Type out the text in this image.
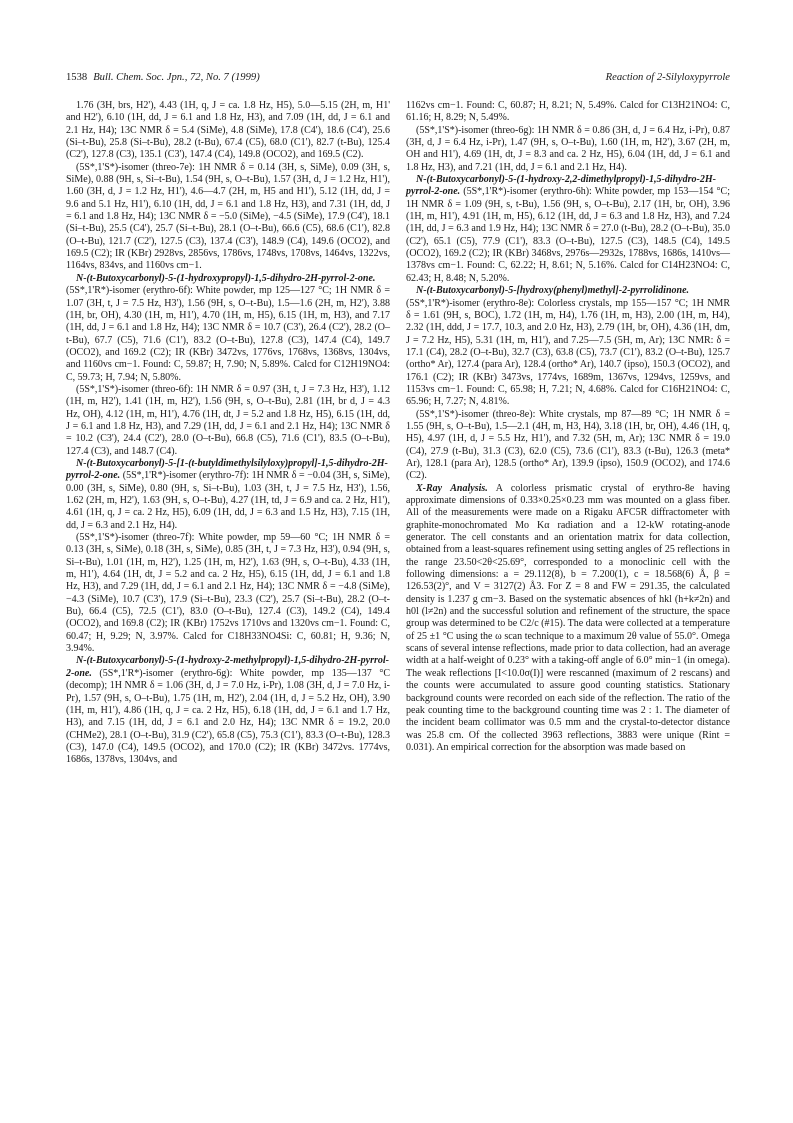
1538 Bull. Chem. Soc. Jpn., 72, No. 7 (1999)	Reaction of 2-Silyloxypyrrole

1.76 (3H, brs, H2'), 4.43 (1H, q, J = ca. 1.8 Hz, H5), 5.0—5.15 (2H, m, H1' and H2'), 6.10 (1H, dd, J = 6.1 and 1.8 Hz, H3), and 7.09 (1H, dd, J = 6.1 and 2.1 Hz, H4); 13C NMR δ = 5.4 (SiMe), 4.8 (SiMe), 17.8 (C4'), 18.6 (C4'), 25.6 (Si–t-Bu), 25.8 (Si–t-Bu), 28.2 (t-Bu), 67.4 (C5), 68.0 (C1'), 82.7 (t-Bu), 125.4 (C2'), 127.8 (C3), 135.1 (C3'), 147.4 (C4), 149.8 (OCO2), and 169.5 (C2).

(5S*,1'S*)-isomer (threo-7e): 1H NMR δ = 0.14 (3H, s, SiMe), 0.09 (3H, s, SiMe), 0.88 (9H, s, Si–t-Bu), 1.54 (9H, s, O–t-Bu), 1.57 (3H, d, J = 1.2 Hz, H1'), 1.60 (3H, d, J = 1.2 Hz, H1'), 4.6—4.7 (2H, m, H5 and H1'), 5.12 (1H, dd, J = 9.6 and 5.1 Hz, H1'), 6.10 (1H, dd, J = 6.1 and 1.8 Hz, H3), and 7.31 (1H, dd, J = 6.1 and 1.8 Hz, H4); 13C NMR δ = −5.0 (SiMe), −4.5 (SiMe), 17.9 (C4'), 18.1 (Si–t-Bu), 25.5 (C4'), 25.7 (Si–t-Bu), 28.1 (O–t-Bu), 66.6 (C5), 68.6 (C1'), 82.8 (O–t-Bu), 121.7 (C2'), 127.5 (C3), 137.4 (C3'), 148.9 (C4), 149.6 (OCO2), and 169.5 (C2); IR (KBr) 2928vs, 2856vs, 1786vs, 1748vs, 1708vs, 1464vs, 1322vs, 1164vs, 834vs, and 1160vs cm−1.

N-(t-Butoxycarbonyl)-5-(1-hydroxypropyl)-1,5-dihydro-2H-pyrrol-2-one. (5S*,1'R*)-isomer (erythro-6f): White powder, mp 125—127 °C; 1H NMR δ = 1.07 (3H, t, J = 7.5 Hz, H3'), 1.56 (9H, s, O–t-Bu), 1.5—1.6 (2H, m, H2'), 3.88 (1H, br, OH), 4.30 (1H, m, H1'), 4.70 (1H, m, H5), 6.15 (1H, m, H3), and 7.17 (1H, dd, J = 6.1 and 1.8 Hz, H4); 13C NMR δ = 10.7 (C3'), 26.4 (C2'), 28.2 (O–t-Bu), 67.7 (C5), 71.6 (C1'), 83.2 (O–t-Bu), 127.8 (C3), 147.4 (C4), 149.7 (OCO2), and 169.2 (C2); IR (KBr) 3472vs, 1776vs, 1768vs, 1368vs, 1304vs, and 1160vs cm−1. Found: C, 59.87; H, 7.90; N, 5.89%. Calcd for C12H19NO4: C, 59.73; H, 7.94; N, 5.80%.

(5S*,1'S*)-isomer (threo-6f): 1H NMR δ = 0.97 (3H, t, J = 7.3 Hz, H3'), 1.12 (1H, m, H2'), 1.41 (1H, m, H2'), 1.56 (9H, s, O–t-Bu), 2.81 (1H, br d, J = 4.3 Hz, OH), 4.12 (1H, m, H1'), 4.76 (1H, dt, J = 5.2 and 1.8 Hz, H5), 6.15 (1H, dd, J = 6.1 and 1.8 Hz, H3), and 7.29 (1H, dd, J = 6.1 and 2.1 Hz, H4); 13C NMR δ = 10.2 (C3'), 24.4 (C2'), 28.0 (O–t-Bu), 66.8 (C5), 71.6 (C1'), 83.5 (O–t-Bu), 127.4 (C3), and 148.7 (C4).

N-(t-Butoxycarbonyl)-5-[1-(t-butyldimethylsilyloxy)propyl]-1,5-dihydro-2H-pyrrol-2-one. (5S*,1'R*)-isomer (erythro-7f): 1H NMR δ = −0.04 (3H, s, SiMe), 0.00 (3H, s, SiMe), 0.80 (9H, s, Si–t-Bu), 1.03 (3H, t, J = 7.5 Hz, H3'), 1.56, 1.62 (2H, m, H2'), 1.63 (9H, s, O–t-Bu), 4.27 (1H, td, J = 6.9 and ca. 2 Hz, H1'), 4.61 (1H, q, J = ca. 2 Hz, H5), 6.09 (1H, dd, J = 6.3 and 1.5 Hz, H3), 7.15 (1H, dd, J = 6.3 and 2.1 Hz, H4).

(5S*,1'S*)-isomer (threo-7f): White powder, mp 59—60 °C; 1H NMR δ = 0.13 (3H, s, SiMe), 0.18 (3H, s, SiMe), 0.85 (3H, t, J = 7.3 Hz, H3'), 0.94 (9H, s, Si–t-Bu), 1.01 (1H, m, H2'), 1.25 (1H, m, H2'), 1.63 (9H, s, O–t-Bu), 4.33 (1H, m, H1'), 4.64 (1H, dt, J = 5.2 and ca. 2 Hz, H5), 6.15 (1H, dd, J = 6.1 and 1.8 Hz, H3), and 7.29 (1H, dd, J = 6.1 and 2.1 Hz, H4); 13C NMR δ = −4.8 (SiMe), −4.3 (SiMe), 10.7 (C3'), 17.9 (Si–t-Bu), 23.3 (C2'), 25.7 (Si–t-Bu), 28.2 (O–t-Bu), 66.4 (C5), 72.5 (C1'), 83.0 (O–t-Bu), 127.4 (C3), 149.2 (C4), 149.4 (OCO2), and 169.8 (C2); IR (KBr) 1752vs 1710vs and 1320vs cm−1. Found: C, 60.47; H, 9.29; N, 3.97%. Calcd for C18H33NO4Si: C, 60.81; H, 9.36; N, 3.94%.

N-(t-Butoxycarbonyl)-5-(1-hydroxy-2-methylpropyl)-1,5-dihydro-2H-pyrrol-2-one. (5S*,1'R*)-isomer (erythro-6g): White powder, mp 135—137 °C (decomp); 1H NMR δ = 1.06 (3H, d, J = 7.0 Hz, i-Pr), 1.08 (3H, d, J = 7.0 Hz, i-Pr), 1.57 (9H, s, O–t-Bu), 1.75 (1H, m, H2'), 2.04 (1H, d, J = 5.2 Hz, OH), 3.90 (1H, m, H1'), 4.86 (1H, q, J = ca. 2 Hz, H5), 6.18 (1H, dd, J = 6.1 and 1.7 Hz, H3), and 7.15 (1H, dd, J = 6.1 and 2.0 Hz, H4); 13C NMR δ = 19.2, 20.0 (CHMe2), 28.1 (O–t-Bu), 31.9 (C2'), 65.8 (C5), 75.3 (C1'), 83.3 (O–t-Bu), 128.3 (C3), 147.0 (C4), 149.5 (OCO2), and 170.0 (C2); IR (KBr) 3472vs. 1774vs, 1686s, 1378vs, 1304vs, and

1162vs cm−1. Found: C, 60.87; H, 8.21; N, 5.49%. Calcd for C13H21NO4: C, 61.16; H, 8.29; N, 5.49%.

(5S*,1'S*)-isomer (threo-6g): 1H NMR δ = 0.86 (3H, d, J = 6.4 Hz, i-Pr), 0.87 (3H, d, J = 6.4 Hz, i-Pr), 1.47 (9H, s, O–t-Bu), 1.60 (1H, m, H2'), 3.67 (2H, m, OH and H1'), 4.69 (1H, dt, J = 8.3 and ca. 2 Hz, H5), 6.04 (1H, dd, J = 6.1 and 1.8 Hz, H3), and 7.21 (1H, dd, J = 6.1 and 2.1 Hz, H4).

N-(t-Butoxycarbonyl)-5-(1-hydroxy-2,2-dimethylpropyl)-1,5-dihydro-2H-pyrrol-2-one. (5S*,1'R*)-isomer (erythro-6h): White powder, mp 153—154 °C; 1H NMR δ = 1.09 (9H, s, t-Bu), 1.56 (9H, s, O–t-Bu), 2.17 (1H, br, OH), 3.96 (1H, m, H1'), 4.91 (1H, m, H5), 6.12 (1H, dd, J = 6.3 and 1.8 Hz, H3), and 7.24 (1H, dd, J = 6.3 and 1.9 Hz, H4); 13C NMR δ = 27.0 (t-Bu), 28.2 (O–t-Bu), 35.0 (C2'), 65.1 (C5), 77.9 (C1'), 83.3 (O–t-Bu), 127.5 (C3), 148.5 (C4), 149.5 (OCO2), 169.2 (C2); IR (KBr) 3468vs, 2976s—2932s, 1788vs, 1686s, 1410vs—1378vs cm−1. Found: C, 62.22; H, 8.61; N, 5.16%. Calcd for C14H23NO4: C, 62.43; H, 8.48; N, 5.20%.

N-(t-Butoxycarbonyl)-5-[hydroxy(phenyl)methyl]-2-pyrrolidinone. (5S*,1'R*)-isomer (erythro-8e): Colorless crystals, mp 155—157 °C; 1H NMR δ = 1.61 (9H, s, BOC), 1.72 (1H, m, H4), 1.76 (1H, m, H3), 2.00 (1H, m, H4), 2.32 (1H, ddd, J = 17.7, 10.3, and 2.0 Hz, H3), 2.79 (1H, br, OH), 4.36 (1H, dm, J = 7.2 Hz, H5), 5.31 (1H, m, H1'), and 7.25—7.5 (5H, m, Ar); 13C NMR: δ = 17.1 (C4), 28.2 (O–t-Bu), 32.7 (C3), 63.8 (C5), 73.7 (C1'), 83.2 (O–t-Bu), 125.7 (ortho* Ar), 127.4 (para Ar), 128.4 (ortho* Ar), 140.7 (ipso), 150.3 (OCO2), and 176.1 (C2); IR (KBr) 3473vs, 1774vs, 1689m, 1367vs, 1294vs, 1259vs, and 1153vs cm−1. Found: C, 65.98; H, 7.21; N, 4.68%. Calcd for C16H21NO4: C, 65.96; H, 7.27; N, 4.81%.

(5S*,1'S*)-isomer (threo-8e): White crystals, mp 87—89 °C; 1H NMR δ = 1.55 (9H, s, O–t-Bu), 1.5—2.1 (4H, m, H3, H4), 3.18 (1H, br, OH), 4.46 (1H, q, H5), 4.97 (1H, d, J = 5.5 Hz, H1'), and 7.32 (5H, m, Ar); 13C NMR δ = 19.0 (C4), 27.9 (t-Bu), 31.3 (C3), 62.0 (C5), 73.6 (C1'), 83.3 (t-Bu), 126.3 (meta* Ar), 128.1 (para Ar), 128.5 (ortho* Ar), 139.9 (ipso), 150.9 (OCO2), and 174.6 (C2).

X-Ray Analysis. A colorless prismatic crystal of erythro-8e having approximate dimensions of 0.33×0.25×0.23 mm was mounted on a glass fiber. All of the measurements were made on a Rigaku AFC5R diffractometer with graphite-monochromated Mo Kα radiation and a 12-kW rotating-anode generator. The cell constants and an orientation matrix for data collection, obtained from a least-squares refinement using setting angles of 25 reflections in the range 23.50<2θ<25.69°, corresponded to a monoclinic cell with the following dimensions: a = 29.112(8), b = 7.200(1), c = 18.568(6) Å, β = 126.53(2)°, and V = 3127(2) Å3. For Z = 8 and FW = 291.35, the calculated density is 1.237 g cm−3. Based on the systematic absences of hkl (h+k≠2n) and h0l (l≠2n) and the successful solution and refinement of the structure, the space group was determined to be C2/c (#15). The data were collected at a temperature of 25 ±1 °C using the ω scan technique to a maximum 2θ value of 55.0°. Omega scans of several intense reflections, made prior to data collection, had an average width at a half-weight of 0.23° with a taking-off angle of 6.0° min−1 (in omega). The weak reflections [I<10.0σ(I)] were rescanned (maximum of 2 rescans) and the counts were accumulated to assure good counting statistics. Stationary background counts were recorded on each side of the reflection. The ratio of the peak counting time to the background counting time was 2 : 1. The diameter of the incident beam collimator was 0.5 mm and the crystal-to-detector distance was 25.8 cm. Of the collected 3963 reflections, 3883 were unique (Rint = 0.031). An empirical correction for the absorption was made based on
